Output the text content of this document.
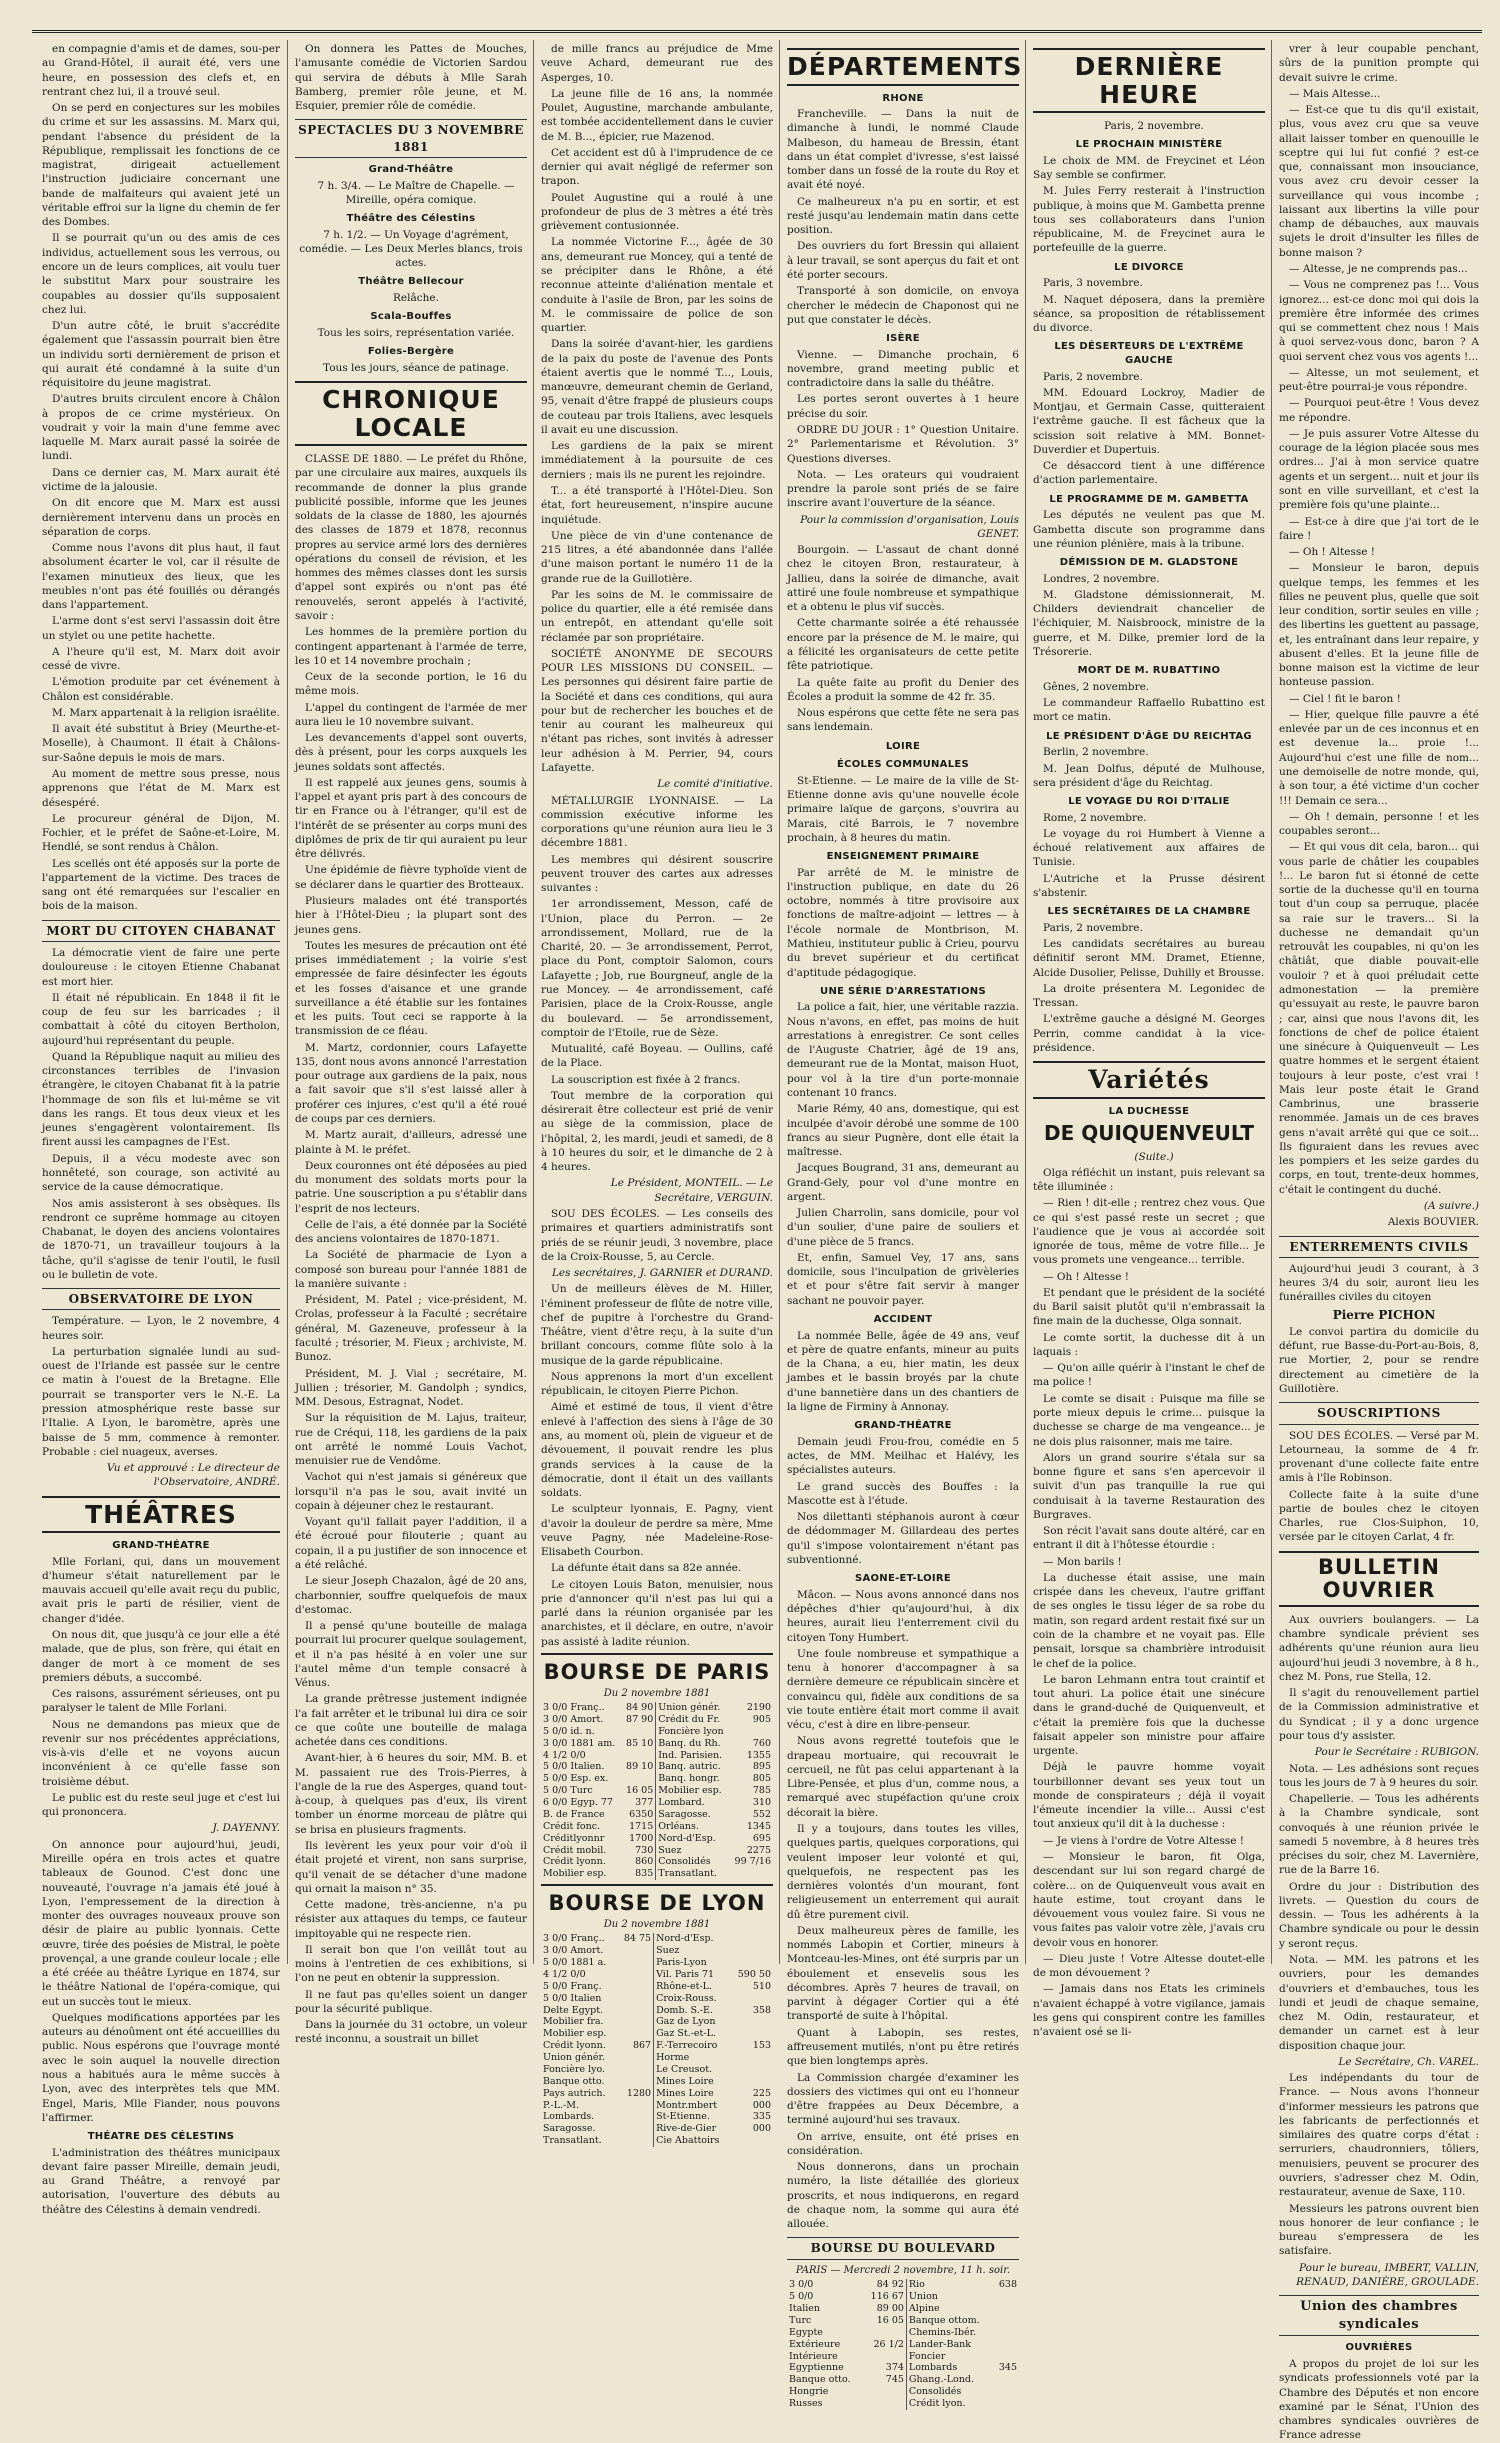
en compagnie d'amis et de dames, sou-per au Grand-Hôtel, il aurait été, vers une heure, en possession des clefs et, en rentrant chez lui, il a trouvé seul.

On se perd en conjectures sur les mobiles du crime et sur les assassins. M. Marx qui, pendant l'absence du président de la République, remplissait les fonctions de ce magistrat, dirigeait actuellement l'instruction judiciaire concernant une bande de malfaiteurs qui avaient jeté un véritable effroi sur la ligne du chemin de fer des Dombes.

Il se pourrait qu'un ou des amis de ces individus, actuellement sous les verrous, ou encore un de leurs complices, ait voulu tuer le substitut Marx pour soustraire les coupables au dossier qu'ils supposaient chez lui.

D'un autre côté, le bruit s'accrédite également que l'assassin pourrait bien être un individu sorti dernièrement de prison et qui aurait été condamné à la suite d'un réquisitoire du jeune magistrat.

D'autres bruits circulent encore à Châlon à propos de ce crime mystérieux. On voudrait y voir la main d'une femme avec laquelle M. Marx aurait passé la soirée de lundi.

Dans ce dernier cas, M. Marx aurait été victime de la jalousie.

On dit encore que M. Marx est aussi dernièrement intervenu dans un procès en séparation de corps.

Comme nous l'avons dit plus haut, il faut absolument écarter le vol, car il résulte de l'examen minutieux des lieux, que les meubles n'ont pas été fouillés ou dérangés dans l'appartement.

L'arme dont s'est servi l'assassin doit être un stylet ou une petite hachette.

A l'heure qu'il est, M. Marx doit avoir cessé de vivre.

L'émotion produite par cet événement à Châlon est considérable.

M. Marx appartenait à la religion israélite.

Il avait été substitut à Briey (Meurthe-et-Moselle), à Chaumont. Il était à Châlons-sur-Saône depuis le mois de mars.

Au moment de mettre sous presse, nous apprenons que l'état de M. Marx est désespéré.

Le procureur général de Dijon, M. Fochier, et le préfet de Saône-et-Loire, M. Hendlé, se sont rendus à Châlon.

Les scellés ont été apposés sur la porte de l'appartement de la victime. Des traces de sang ont été remarquées sur l'escalier en bois de la maison.

MORT DU CITOYEN CHABANAT

La démocratie vient de faire une perte douloureuse : le citoyen Etienne Chabanat est mort hier.

Il était né républicain. En 1848 il fit le coup de feu sur les barricades ; il combattait à côté du citoyen Bertholon, aujourd'hui représentant du peuple.

Quand la République naquit au milieu des circonstances terribles de l'invasion étrangère, le citoyen Chabanat fit à la patrie l'hommage de son fils et lui-même se vit dans les rangs. Et tous deux vieux et les jeunes s'engagèrent volontairement. Ils firent aussi les campagnes de l'Est.

Depuis, il a vécu modeste avec son honnêteté, son courage, son activité au service de la cause démocratique.

Nos amis assisteront à ses obsèques. Ils rendront ce suprême hommage au citoyen Chabanat, le doyen des anciens volontaires de 1870-71, un travailleur toujours à la tâche, qu'il s'agisse de tenir l'outil, le fusil ou le bulletin de vote.

OBSERVATOIRE DE LYON

Température. — Lyon, le 2 novembre, 4 heures soir.

La perturbation signalée lundi au sud-ouest de l'Irlande est passée sur le centre ce matin à l'ouest de la Bretagne. Elle pourrait se transporter vers le N.-E. La pression atmosphérique reste basse sur l'Italie. A Lyon, le baromètre, après une baisse de 5 mm, commence à remonter. Probable : ciel nuageux, averses.

Vu et approuvé : Le directeur de l'Observatoire, ANDRÉ.

THÉÂTRES
GRAND-THÉATRE

Mlle Forlani, qui, dans un mouvement d'humeur s'était naturellement par le mauvais accueil qu'elle avait reçu du public, avait pris le parti de résilier, vient de changer d'idée.

On nous dit, que jusqu'à ce jour elle a été malade, que de plus, son frère, qui était en danger de mort à ce moment de ses premiers débuts, a succombé.

Ces raisons, assurément sérieuses, ont pu paralyser le talent de Mlle Forlani.

Nous ne demandons pas mieux que de revenir sur nos précédentes appréciations, vis-à-vis d'elle et ne voyons aucun inconvénient à ce qu'elle fasse son troisième début.

Le public est du reste seul juge et c'est lui qui prononcera.

J. DAYENNY.

On annonce pour aujourd'hui, jeudi, Mireille opéra en trois actes et quatre tableaux de Gounod. C'est donc une nouveauté, l'ouvrage n'a jamais été joué à Lyon, l'empressement de la direction à monter des ouvrages nouveaux prouve son désir de plaire au public lyonnais. Cette œuvre, tirée des poésies de Mistral, le poète provençal, a une grande couleur locale ; elle a été créée au théâtre Lyrique en 1874, sur le théâtre National de l'opéra-comique, qui eut un succès tout le mieux.

Quelques modifications apportées par les auteurs au dénoûment ont été accueillies du public. Nous espérons que l'ouvrage monté avec le soin auquel la nouvelle direction nous a habitués aura le même succès à Lyon, avec des interprètes tels que MM. Engel, Maris, Mlle Fiander, nous pouvons l'affirmer.

THÉATRE DES CÉLESTINS

L'administration des théâtres municipaux devant faire passer Mireille, demain jeudi, au Grand Théâtre, a renvoyé par autorisation, l'ouverture des débuts au théâtre des Célestins à demain vendredi.

On donnera les Pattes de Mouches, l'amusante comédie de Victorien Sardou qui servira de débuts à Mlle Sarah Bamberg, premier rôle jeune, et M. Esquier, premier rôle de comédie.

SPECTACLES DU 3 NOVEMBRE 1881
Grand-Théâtre

7 h. 3/4. — Le Maître de Chapelle. — Mireille, opéra comique.

Théâtre des Célestins

7 h. 1/2. — Un Voyage d'agrément, comédie. — Les Deux Merles blancs, trois actes.

Théâtre Bellecour

Relâche.

Scala-Bouffes

Tous les soirs, représentation variée.

Folies-Bergère

Tous les jours, séance de patinage.

CHRONIQUE LOCALE

CLASSE DE 1880. — Le préfet du Rhône, par une circulaire aux maires, auxquels ils recommande de donner la plus grande publicité possible, informe que les jeunes soldats de la classe de 1880, les ajournés des classes de 1879 et 1878, reconnus propres au service armé lors des dernières opérations du conseil de révision, et les hommes des mêmes classes dont les sursis d'appel sont expirés ou n'ont pas été renouvelés, seront appelés à l'activité, savoir :

Les hommes de la première portion du contingent appartenant à l'armée de terre, les 10 et 14 novembre prochain ;

Ceux de la seconde portion, le 16 du même mois.

L'appel du contingent de l'armée de mer aura lieu le 10 novembre suivant.

Les devancements d'appel sont ouverts, dès à présent, pour les corps auxquels les jeunes soldats sont affectés.

Il est rappelé aux jeunes gens, soumis à l'appel et ayant pris part à des concours de tir en France ou à l'étranger, qu'il est de l'intérêt de se présenter au corps muni des diplômes de prix de tir qui auraient pu leur être délivrés.

Une épidémie de fièvre typhoïde vient de se déclarer dans le quartier des Brotteaux.

Plusieurs malades ont été transportés hier à l'Hôtel-Dieu ; la plupart sont des jeunes gens.

Toutes les mesures de précaution ont été prises immédiatement ; la voirie s'est empressée de faire désinfecter les égouts et les fosses d'aisance et une grande surveillance a été établie sur les fontaines et les puits. Tout ceci se rapporte à la transmission de ce fléau.

M. Martz, cordonnier, cours Lafayette 135, dont nous avons annoncé l'arrestation pour outrage aux gardiens de la paix, nous a fait savoir que s'il s'est laissé aller à proférer ces injures, c'est qu'il a été roué de coups par ces derniers.

M. Martz aurait, d'ailleurs, adressé une plainte à M. le préfet.

Deux couronnes ont été déposées au pied du monument des soldats morts pour la patrie. Une souscription a pu s'établir dans l'esprit de nos lecteurs.

Celle de l'ais, a été donnée par la Société des anciens volontaires de 1870-1871.

La Société de pharmacie de Lyon a composé son bureau pour l'année 1881 de la manière suivante :

Président, M. Patel ; vice-président, M. Crolas, professeur à la Faculté ; secrétaire général, M. Gazeneuve, professeur à la faculté ; trésorier, M. Fieux ; archiviste, M. Bunoz.

Président, M. J. Vial ; secrétaire, M. Jullien ; trésorier, M. Gandolph ; syndics, MM. Desous, Estragnat, Nodet.

Sur la réquisition de M. Lajus, traiteur, rue de Créqui, 118, les gardiens de la paix ont arrêté le nommé Louis Vachot, menuisier rue de Vendôme.

Vachot qui n'est jamais si généreux que lorsqu'il n'a pas le sou, avait invité un copain à déjeuner chez le restaurant.

Voyant qu'il fallait payer l'addition, il a été écroué pour filouterie ; quant au copain, il a pu justifier de son innocence et a été relâché.

Le sieur Joseph Chazalon, âgé de 20 ans, charbonnier, souffre quelquefois de maux d'estomac.

Il a pensé qu'une bouteille de malaga pourrait lui procurer quelque soulagement, et il n'a pas hésité à en voler une sur l'autel même d'un temple consacré à Vénus.

La grande prêtresse justement indignée l'a fait arrêter et le tribunal lui dira ce soir ce que coûte une bouteille de malaga achetée dans ces conditions.

Avant-hier, à 6 heures du soir, MM. B. et M. passaient rue des Trois-Pierres, à l'angle de la rue des Asperges, quand tout-à-coup, à quelques pas d'eux, ils virent tomber un énorme morceau de plâtre qui se brisa en plusieurs fragments.

Ils levèrent les yeux pour voir d'où il était projeté et virent, non sans surprise, qu'il venait de se détacher d'une madone qui ornait la maison n° 35.

Cette madone, très-ancienne, n'a pu résister aux attaques du temps, ce fauteur impitoyable qui ne respecte rien.

Il serait bon que l'on veillât tout au moins à l'entretien de ces exhibitions, si l'on ne peut en obtenir la suppression.

Il ne faut pas qu'elles soient un danger pour la sécurité publique.

Dans la journée du 31 octobre, un voleur resté inconnu, a soustrait un billet

de mille francs au préjudice de Mme veuve Achard, demeurant rue des Asperges, 10.

La jeune fille de 16 ans, la nommée Poulet, Augustine, marchande ambulante, est tombée accidentellement dans le cuvier de M. B..., épicier, rue Mazenod.

Cet accident est dû à l'imprudence de ce dernier qui avait négligé de refermer son trapon.

Poulet Augustine qui a roulé à une profondeur de plus de 3 mètres a été très grièvement contusionnée.

La nommée Victorine F..., âgée de 30 ans, demeurant rue Moncey, qui a tenté de se précipiter dans le Rhône, a été reconnue atteinte d'aliénation mentale et conduite à l'asile de Bron, par les soins de M. le commissaire de police de son quartier.

Dans la soirée d'avant-hier, les gardiens de la paix du poste de l'avenue des Ponts étaient avertis que le nommé T..., Louis, manœuvre, demeurant chemin de Gerland, 95, venait d'être frappé de plusieurs coups de couteau par trois Italiens, avec lesquels il avait eu une discussion.

Les gardiens de la paix se mirent immédiatement à la poursuite de ces derniers ; mais ils ne purent les rejoindre.

T... a été transporté à l'Hôtel-Dieu. Son état, fort heureusement, n'inspire aucune inquiétude.

Une pièce de vin d'une contenance de 215 litres, a été abandonnée dans l'allée d'une maison portant le numéro 11 de la grande rue de la Guillotière.

Par les soins de M. le commissaire de police du quartier, elle a été remisée dans un entrepôt, en attendant qu'elle soit réclamée par son propriétaire.

SOCIÉTÉ ANONYME DE SECOURS POUR LES MISSIONS DU CONSEIL. — Les personnes qui désirent faire partie de la Société et dans ces conditions, qui aura pour but de rechercher les bouches et de tenir au courant les malheureux qui n'étant pas riches, sont invités à adresser leur adhésion à M. Perrier, 94, cours Lafayette.

Le comité d'initiative.

MÉTALLURGIE LYONNAISE. — La commission exécutive informe les corporations qu'une réunion aura lieu le 3 décembre 1881.

Les membres qui désirent souscrire peuvent trouver des cartes aux adresses suivantes :

1er arrondissement, Messon, café de l'Union, place du Perron. — 2e arrondissement, Mollard, rue de la Charité, 20. — 3e arrondissement, Perrot, place du Pont, comptoir Salomon, cours Lafayette ; Job, rue Bourgneuf, angle de la rue Moncey. — 4e arrondissement, café Parisien, place de la Croix-Rousse, angle du boulevard. — 5e arrondissement, comptoir de l'Etoile, rue de Sèze.

Mutualité, café Boyeau. — Oullins, café de la Place.

La souscription est fixée à 2 francs.

Tout membre de la corporation qui désirerait être collecteur est prié de venir au siège de la commission, place de l'hôpital, 2, les mardi, jeudi et samedi, de 8 à 10 heures du soir, et le dimanche de 2 à 4 heures.

Le Président, MONTEIL. — Le Secrétaire, VERGUIN.

SOU DES ÉCOLES. — Les conseils des primaires et quartiers administratifs sont priés de se réunir jeudi, 3 novembre, place de la Croix-Rousse, 5, au Cercle.

Les secrétaires, J. GARNIER et DURAND.

Un de meilleurs élèves de M. Hiller, l'éminent professeur de flûte de notre ville, chef de pupitre à l'orchestre du Grand-Théâtre, vient d'être reçu, à la suite d'un brillant concours, comme flûte solo à la musique de la garde républicaine.

Nous apprenons la mort d'un excellent républicain, le citoyen Pierre Pichon.

Aimé et estimé de tous, il vient d'être enlevé à l'affection des siens à l'âge de 30 ans, au moment où, plein de vigueur et de dévouement, il pouvait rendre les plus grands services à la cause de la démocratie, dont il était un des vaillants soldats.

Le sculpteur lyonnais, E. Pagny, vient d'avoir la douleur de perdre sa mère, Mme veuve Pagny, née Madeleine-Rose-Elisabeth Courbon.

La défunte était dans sa 82e année.

Le citoyen Louis Baton, menuisier, nous prie d'annoncer qu'il n'est pas lui qui a parlé dans la réunion organisée par les anarchistes, et il déclare, en outre, n'avoir pas assisté à ladite réunion.

BOURSE DE PARIS
Du 2 novembre 1881
3 0/0 Franç..	84 90	Union génér.	2190
3 0/0 Amort.	87 90	Crédit du Fr.	905
5 0/0 id. n.		Foncière lyon	
3 0/0 1881 am.	85 10	Banq. du Rh.	760
4 1/2 0/0		Ind. Parisien.	1355
5 0/0 Italien.	89 10	Banq. autric.	895
5 0/0 Esp. ex.		Banq. hongr.	805
5 0/0 Turc	16 05	Mobilier esp.	785
6 0/0 Egyp. 77	377	Lombard.	310
B. de France	6350	Saragosse.	552
Crédit fonc.	1715	Orléans.	1345
Créditlyonnr	1700	Nord-d'Esp.	695
Crédit mobil.	730	Suez	2275
Crédit lyonn.	860	Consolidés	99 7/16
Mobilier esp.	835	Transatlant.	
BOURSE DE LYON
Du 2 novembre 1881
3 0/0 Franç..	84 75	Nord-d'Esp.	
3 0/0 Amort.		Suez	
5 0/0 1881 a.		Paris-Lyon	
4 1/2 0/0		Vil. Paris 71	590 50
5 0/0 Franç.		Rhône-et-L.	510
5 0/0 Italien		Croix-Rouss.	
Delte Egypt.		Domb. S.-E.	358
Mobilier fra.		Gaz de Lyon	
Mobilier esp.		Gaz St.-et-L.	
Crédit lyonn.	867	F.-Terrecoiro	153
Union génér.		Horme	
Foncière lyo.		Le Creusot.	
Banque otto.		Mines Loire	
Pays autrich.	1280	Mines Loire	225
P.-L.-M.		Montr.mbert	000
Lombards.		St-Etienne.	335
Saragosse.		Rive-de-Gier	000
Transatlant.		Cie Abattoirs	
DÉPARTEMENTS
RHONE

Francheville. — Dans la nuit de dimanche à lundi, le nommé Claude Malbeson, du hameau de Bressin, étant dans un état complet d'ivresse, s'est laissé tomber dans un fossé de la route du Roy et avait été noyé.

Ce malheureux n'a pu en sortir, et est resté jusqu'au lendemain matin dans cette position.

Des ouvriers du fort Bressin qui allaient à leur travail, se sont aperçus du fait et ont été porter secours.

Transporté à son domicile, on envoya chercher le médecin de Chaponost qui ne put que constater le décès.

ISÈRE

Vienne. — Dimanche prochain, 6 novembre, grand meeting public et contradictoire dans la salle du théâtre.

Les portes seront ouvertes à 1 heure précise du soir.

ORDRE DU JOUR : 1° Question Unitaire. 2° Parlementarisme et Révolution. 3° Questions diverses.

Nota. — Les orateurs qui voudraient prendre la parole sont priés de se faire inscrire avant l'ouverture de la séance.

Pour la commission d'organisation, Louis GENET.

Bourgoin. — L'assaut de chant donné chez le citoyen Bron, restaurateur, à Jallieu, dans la soirée de dimanche, avait attiré une foule nombreuse et sympathique et a obtenu le plus vif succès.

Cette charmante soirée a été rehaussée encore par la présence de M. le maire, qui a félicité les organisateurs de cette petite fête patriotique.

La quête faite au profit du Denier des Écoles a produit la somme de 42 fr. 35.

Nous espérons que cette fête ne sera pas sans lendemain.

LOIRE
ÉCOLES COMMUNALES

St-Etienne. — Le maire de la ville de St-Etienne donne avis qu'une nouvelle école primaire laïque de garçons, s'ouvrira au Marais, cité Barrois, le 7 novembre prochain, à 8 heures du matin.

ENSEIGNEMENT PRIMAIRE

Par arrêté de M. le ministre de l'instruction publique, en date du 26 octobre, nommés à titre provisoire aux fonctions de maître-adjoint — lettres — à l'école normale de Montbrison, M. Mathieu, instituteur public à Crieu, pourvu du brevet supérieur et du certificat d'aptitude pédagogique.

UNE SÉRIE D'ARRESTATIONS

La police a fait, hier, une véritable razzia. Nous n'avons, en effet, pas moins de huit arrestations à enregistrer. Ce sont celles de l'Auguste Chatrier, âgé de 19 ans, demeurant rue de la Montat, maison Huot, pour vol à la tire d'un porte-monnaie contenant 10 francs.

Marie Rémy, 40 ans, domestique, qui est inculpée d'avoir dérobé une somme de 100 francs au sieur Pugnère, dont elle était la maîtresse.

Jacques Bougrand, 31 ans, demeurant au Grand-Gely, pour vol d'une montre en argent.

Julien Charrolin, sans domicile, pour vol d'un soulier, d'une paire de souliers et d'une pièce de 5 francs.

Et, enfin, Samuel Vey, 17 ans, sans domicile, sous l'inculpation de grivèleries et et pour s'être fait servir à manger sachant ne pouvoir payer.

ACCIDENT

La nommée Belle, âgée de 49 ans, veuf et père de quatre enfants, mineur au puits de la Chana, a eu, hier matin, les deux jambes et le bassin broyés par la chute d'une bannetière dans un des chantiers de la ligne de Firminy à Annonay.

GRAND-THÉATRE

Demain jeudi Frou-frou, comédie en 5 actes, de MM. Meilhac et Halévy, les spécialistes auteurs.

Le grand succès des Bouffes : la Mascotte est à l'étude.

Nos dilettanti stéphanois auront à cœur de dédommager M. Gillardeau des pertes qu'il s'impose volontairement n'étant pas subventionné.

SAONE-ET-LOIRE

Mâcon. — Nous avons annoncé dans nos dépêches d'hier qu'aujourd'hui, à dix heures, aurait lieu l'enterrement civil du citoyen Tony Humbert.

Une foule nombreuse et sympathique a tenu à honorer d'accompagner à sa dernière demeure ce républicain sincère et convaincu qui, fidèle aux conditions de sa vie toute entière était mort comme il avait vécu, c'est à dire en libre-penseur.

Nous avons regretté toutefois que le drapeau mortuaire, qui recouvrait le cercueil, ne fût pas celui appartenant à la Libre-Pensée, et plus d'un, comme nous, a remarqué avec stupéfaction qu'une croix décorait la bière.

Il y a toujours, dans toutes les villes, quelques partis, quelques corporations, qui veulent imposer leur volonté et qui, quelquefois, ne respectent pas les dernières volontés d'un mourant, font religieusement un enterrement qui aurait dû être purement civil.

Deux malheureux pères de famille, les nommés Labopin et Cortier, mineurs à Montceau-les-Mines, ont été surpris par un éboulement et ensevelis sous les décombres. Après 7 heures de travail, on parvint à dégager Cortier qui a été transporté de suite à l'hôpital.

Quant à Labopin, ses restes, affreusement mutilés, n'ont pu être retirés que bien longtemps après.

La Commission chargée d'examiner les dossiers des victimes qui ont eu l'honneur d'être frappées au Deux Décembre, a terminé aujourd'hui ses travaux.

On arrive, ensuite, ont été prises en considération.

Nous donnerons, dans un prochain numéro, la liste détaillée des glorieux proscrits, et nous indiquerons, en regard de chaque nom, la somme qui aura été allouée.

BOURSE DU BOULEVARD
PARIS — Mercredi 2 novembre, 11 h. soir.
3 0/0	84 92	Rio	638
5 0/0	116 67	Union	
Italien	89 00	Alpine	
Turc	16 05	Banque ottom.	
Egypte		Chemins-Ibér.	
Extérieure	26 1/2	Lander-Bank	
Intérieure		Foncier	
Egyptienne	374	Lombards	345
Banque otto.	745	Ghang.-Lond.	
Hongrie		Consolidés	
Russes		Crédit lyon.	
DERNIÈRE HEURE

Paris, 2 novembre.

LE PROCHAIN MINISTÈRE

Le choix de MM. de Freycinet et Léon Say semble se confirmer.

M. Jules Ferry resterait à l'instruction publique, à moins que M. Gambetta prenne tous ses collaborateurs dans l'union républicaine, M. de Freycinet aura le portefeuille de la guerre.

LE DIVORCE

Paris, 3 novembre.

M. Naquet déposera, dans la première séance, sa proposition de rétablissement du divorce.

LES DÉSERTEURS DE L'EXTRÊME GAUCHE

Paris, 2 novembre.

MM. Edouard Lockroy, Madier de Montjau, et Germain Casse, quitteraient l'extrême gauche. Il est fâcheux que la scission soit relative à MM. Bonnet-Duverdier et Dupertuis.

Ce désaccord tient à une différence d'action parlementaire.

LE PROGRAMME DE M. GAMBETTA

Les députés ne veulent pas que M. Gambetta discute son programme dans une réunion plénière, mais à la tribune.

DÉMISSION DE M. GLADSTONE

Londres, 2 novembre.

M. Gladstone démissionnerait, M. Childers deviendrait chancelier de l'échiquier, M. Naisbroock, ministre de la guerre, et M. Dilke, premier lord de la Trésorerie.

MORT DE M. RUBATTINO

Gênes, 2 novembre.

Le commandeur Raffaello Rubattino est mort ce matin.

LE PRÉSIDENT D'ÂGE DU REICHTAG

Berlin, 2 novembre.

M. Jean Dolfus, député de Mulhouse, sera président d'âge du Reichtag.

LE VOYAGE DU ROI D'ITALIE

Rome, 2 novembre.

Le voyage du roi Humbert à Vienne a échoué relativement aux affaires de Tunisie.

L'Autriche et la Prusse désirent s'abstenir.

LES SECRÉTAIRES DE LA CHAMBRE

Paris, 2 novembre.

Les candidats secrétaires au bureau définitif seront MM. Dramet, Etienne, Alcide Dusolier, Pelisse, Duhilly et Brousse.

La droite présentera M. Legonidec de Tressan.

L'extrême gauche a désigné M. Georges Perrin, comme candidat à la vice-présidence.

Variétés
LA DUCHESSE
DE QUIQUENVEULT

(Suite.)

Olga réfléchit un instant, puis relevant sa tête illuminée :

— Rien ! dit-elle ; rentrez chez vous. Que ce qui s'est passé reste un secret ; que l'audience que je vous ai accordée soit ignorée de tous, même de votre fille... Je vous promets une vengeance... terrible.

— Oh ! Altesse !

Et pendant que le président de la société du Baril saisit plutôt qu'il n'embrassait la fine main de la duchesse, Olga sonnait.

Le comte sortit, la duchesse dit à un laquais :

— Qu'on aille quérir à l'instant le chef de ma police !

Le comte se disait : Puisque ma fille se porte mieux depuis le crime... puisque la duchesse se charge de ma vengeance... je ne dois plus raisonner, mais me taire.

Alors un grand sourire s'étala sur sa bonne figure et sans s'en apercevoir il suivit d'un pas tranquille la rue qui conduisait à la taverne Restauration des Burgraves.

Son récit l'avait sans doute altéré, car en entrant il dit à l'hôtesse étourdie :

— Mon barils !

La duchesse était assise, une main crispée dans les cheveux, l'autre griffant de ses ongles le tissu léger de sa robe du matin, son regard ardent restait fixé sur un coin de la chambre et ne voyait pas. Elle pensait, lorsque sa chambrière introduisit le chef de la police.

Le baron Lehmann entra tout craintif et tout ahuri. La police était une sinécure dans le grand-duché de Quiquenveult, et c'était la première fois que la duchesse faisait appeler son ministre pour affaire urgente.

Déjà le pauvre homme voyait tourbillonner devant ses yeux tout un monde de conspirateurs ; déjà il voyait l'émeute incendier la ville... Aussi c'est tout anxieux qu'il dit à la duchesse :

— Je viens à l'ordre de Votre Altesse !

— Monsieur le baron, fit Olga, descendant sur lui son regard chargé de colère... on de Quiquenveult vous avait en haute estime, tout croyant dans le dévouement vous voulez faire. Si vous ne vous faites pas valoir votre zèle, j'avais cru devoir vous en honorer.

— Dieu juste ! Votre Altesse doutet-elle de mon dévouement ?

— Jamais dans nos Etats les criminels n'avaient échappé à votre vigilance, jamais les gens qui conspirent contre les familles n'avaient osé se li-

vrer à leur coupable penchant, sûrs de la punition prompte qui devait suivre le crime.

— Mais Altesse...

— Est-ce que tu dis qu'il existait, plus, vous avez cru que sa veuve allait laisser tomber en quenouille le sceptre qui lui fut confié ? est-ce que, connaissant mon insouciance, vous avez cru devoir cesser la surveillance qui vous incombe ; laissant aux libertins la ville pour champ de débauches, aux mauvais sujets le droit d'insulter les filles de bonne maison ?

— Altesse, je ne comprends pas...

— Vous ne comprenez pas !... Vous ignorez... est-ce donc moi qui dois la première être informée des crimes qui se commettent chez nous ! Mais à quoi servez-vous donc, baron ? A quoi servent chez vous vos agents !...

— Altesse, un mot seulement, et peut-être pourrai-je vous répondre.

— Pourquoi peut-être ! Vous devez me répondre.

— Je puis assurer Votre Altesse du courage de la légion placée sous mes ordres... J'ai à mon service quatre agents et un sergent... nuit et jour ils sont en ville surveillant, et c'est la première fois qu'une plainte...

— Est-ce à dire que j'ai tort de le faire !

— Oh ! Altesse !

— Monsieur le baron, depuis quelque temps, les femmes et les filles ne peuvent plus, quelle que soit leur condition, sortir seules en ville ; des libertins les guettent au passage, et, les entraînant dans leur repaire, y abusent d'elles. Et la jeune fille de bonne maison est la victime de leur honteuse passion.

— Ciel ! fit le baron !

— Hier, quelque fille pauvre a été enlevée par un de ces inconnus et en est devenue la... proie !... Aujourd'hui c'est une fille de nom... une demoiselle de notre monde, qui, à son tour, a été victime d'un cocher !!! Demain ce sera...

— Oh ! demain, personne ! et les coupables seront...

— Et qui vous dit cela, baron... qui vous parle de châtier les coupables !... Le baron fut si étonné de cette sortie de la duchesse qu'il en tourna tout d'un coup sa perruque, placée sa raie sur le travers... Si la duchesse ne demandait qu'un retrouvât les coupables, ni qu'on les châtiât, que diable pouvait-elle vouloir ? et à quoi préludait cette admonestation — la première qu'essuyait au reste, le pauvre baron ; car, ainsi que nous l'avons dit, les fonctions de chef de police étaient une sinécure à Quiquenveult — Les quatre hommes et le sergent étaient toujours à leur poste, c'est vrai ! Mais leur poste était le Grand Cambrinus, une brasserie renommée. Jamais un de ces braves gens n'avait arrêté qui que ce soit... Ils figuraient dans les revues avec les pompiers et les seize gardes du corps, en tout, trente-deux hommes, c'était le contingent du duché.

(A suivre.)

Alexis BOUVIER.

ENTERREMENTS CIVILS

Aujourd'hui jeudi 3 courant, à 3 heures 3/4 du soir, auront lieu les funérailles civiles du citoyen

Pierre PICHON

Le convoi partira du domicile du défunt, rue Basse-du-Port-au-Bois, 8, rue Mortier, 2, pour se rendre directement au cimetière de la Guillotière.

SOUSCRIPTIONS

SOU DES ÉCOLES. — Versé par M. Letourneau, la somme de 4 fr. provenant d'une collecte faite entre amis à l'île Robinson.

Collecte faite à la suite d'une partie de boules chez le citoyen Charles, rue Clos-Suiphon, 10, versée par le citoyen Carlat, 4 fr.

BULLETIN OUVRIER

Aux ouvriers boulangers. — La chambre syndicale prévient ses adhérents qu'une réunion aura lieu aujourd'hui jeudi 3 novembre, à 8 h., chez M. Pons, rue Stella, 12.

Il s'agit du renouvellement partiel de la Commission administrative et du Syndicat ; il y a donc urgence pour tous d'y assister.

Pour le Secrétaire : RUBIGON.

Nota. — Les adhésions sont reçues tous les jours de 7 à 9 heures du soir.

Chapellerie. — Tous les adhérents à la Chambre syndicale, sont convoqués à une réunion privée le samedi 5 novembre, à 8 heures très précises du soir, chez M. Lavernière, rue de la Barre 16.

Ordre du jour : Distribution des livrets. — Question du cours de dessin. — Tous les adhérents à la Chambre syndicale ou pour le dessin y seront reçus.

Nota. — MM. les patrons et les ouvriers, pour les demandes d'ouvriers et d'embauches, tous les lundi et jeudi de chaque semaine, chez M. Odin, restaurateur, et demander un carnet est à leur disposition chaque jour.

Le Secrétaire, Ch. VAREL.

Les indépendants du tour de France. — Nous avons l'honneur d'informer messieurs les patrons que les fabricants de perfectionnés et similaires des quatre corps d'état : serruriers, chaudronniers, tôliers, menuisiers, peuvent se procurer des ouvriers, s'adresser chez M. Odin, restaurateur, avenue de Saxe, 110.

Messieurs les patrons ouvrent bien nous honorer de leur confiance ; le bureau s'empressera de les satisfaire.

Pour le bureau, IMBERT, VALLIN, RENAUD, DANIÈRE, GROULADE.

Union des chambres syndicales
OUVRIÈRES

A propos du projet de loi sur les syndicats professionnels voté par la Chambre des Députés et non encore examiné par le Sénat, l'Union des chambres syndicales ouvrières de France adresse
